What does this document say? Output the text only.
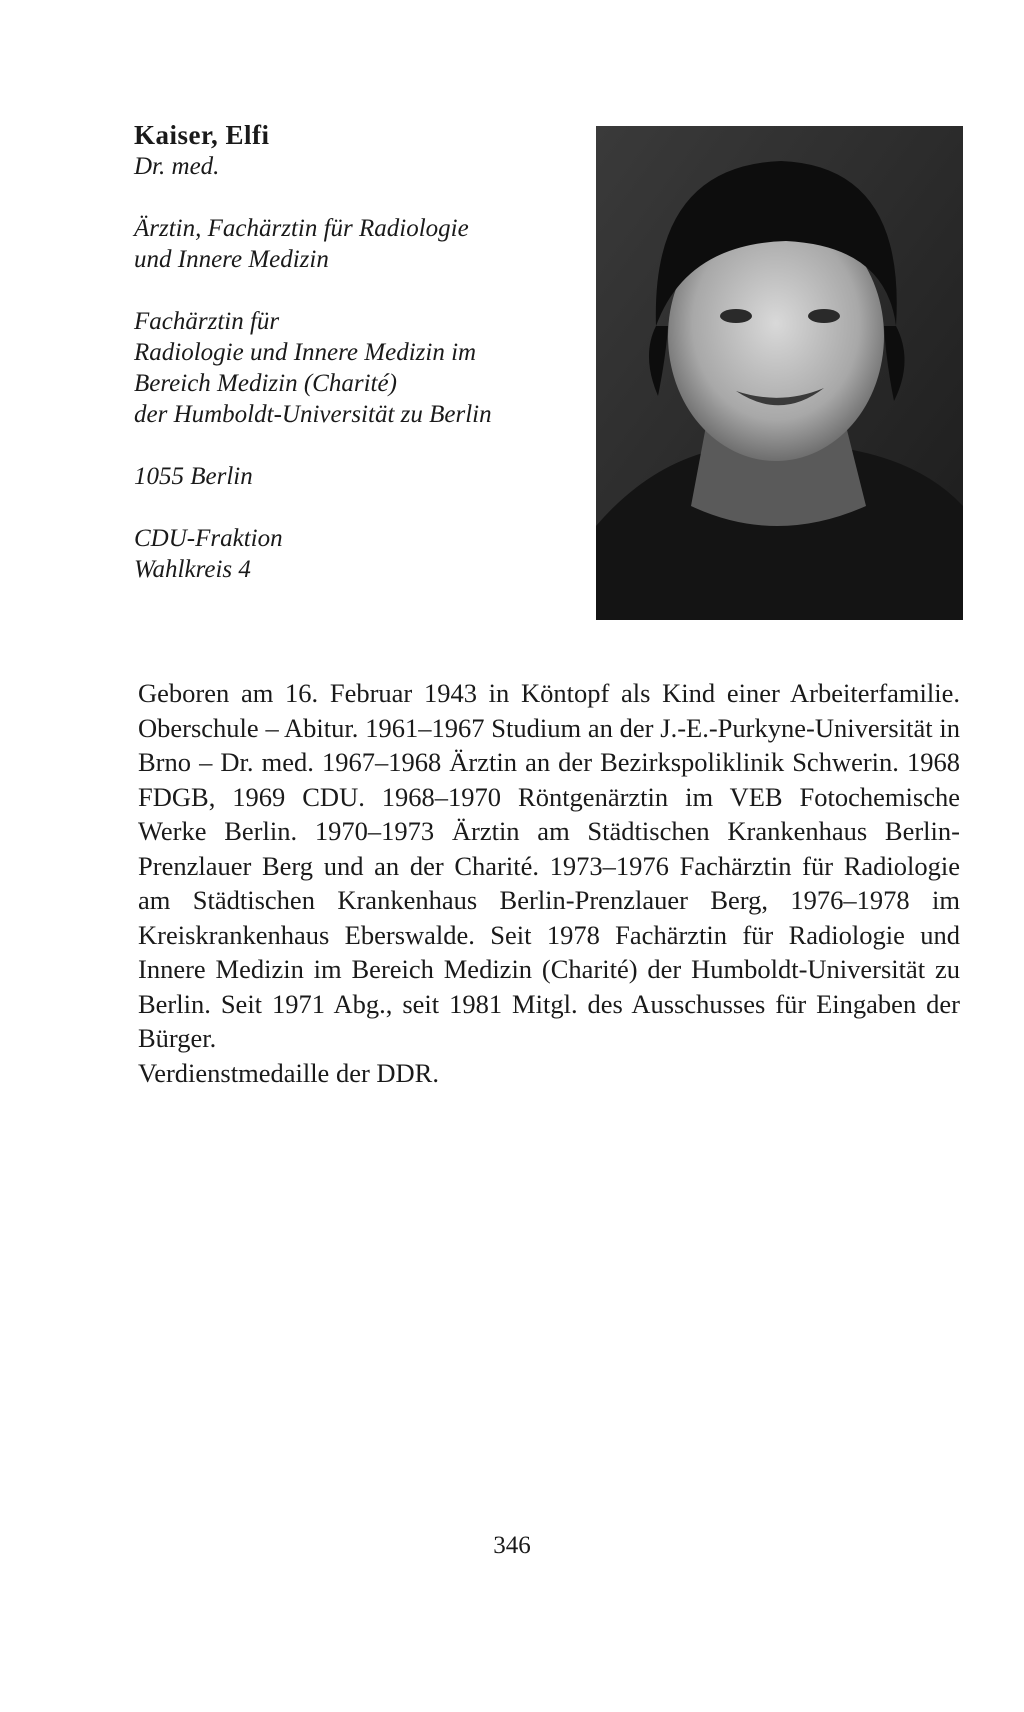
Kaiser, Elfi

Dr. med.

Ärztin, Fachärztin für Radiologie
und Innere Medizin
Fachärztin für
Radiologie und Innere Medizin im
Bereich Medizin (Charité)
der Humboldt-Universität zu Berlin
1055 Berlin
CDU-Fraktion
Wahlkreis 4

Geboren am 16. Februar 1943 in Köntopf als Kind einer Arbeiterfamilie. Oberschule – Abitur. 1961–1967 Studium an der J.-E.-Purkyne-Universität in Brno – Dr. med. 1967–1968 Ärztin an der Bezirkspoliklinik Schwerin. 1968 FDGB, 1969 CDU. 1968–1970 Röntgenärztin im VEB Fotochemische Werke Berlin. 1970–1973 Ärztin am Städtischen Krankenhaus Berlin-Prenzlauer Berg und an der Charité. 1973–1976 Fachärztin für Radiologie am Städtischen Krankenhaus Berlin-Prenzlauer Berg, 1976–1978 im Kreiskrankenhaus Eberswalde. Seit 1978 Fachärztin für Radiologie und Innere Medizin im Bereich Medizin (Charité) der Humboldt-Universität zu Berlin. Seit 1971 Abg., seit 1981 Mitgl. des Ausschusses für Eingaben der Bürger.
Verdienstmedaille der DDR.

346
